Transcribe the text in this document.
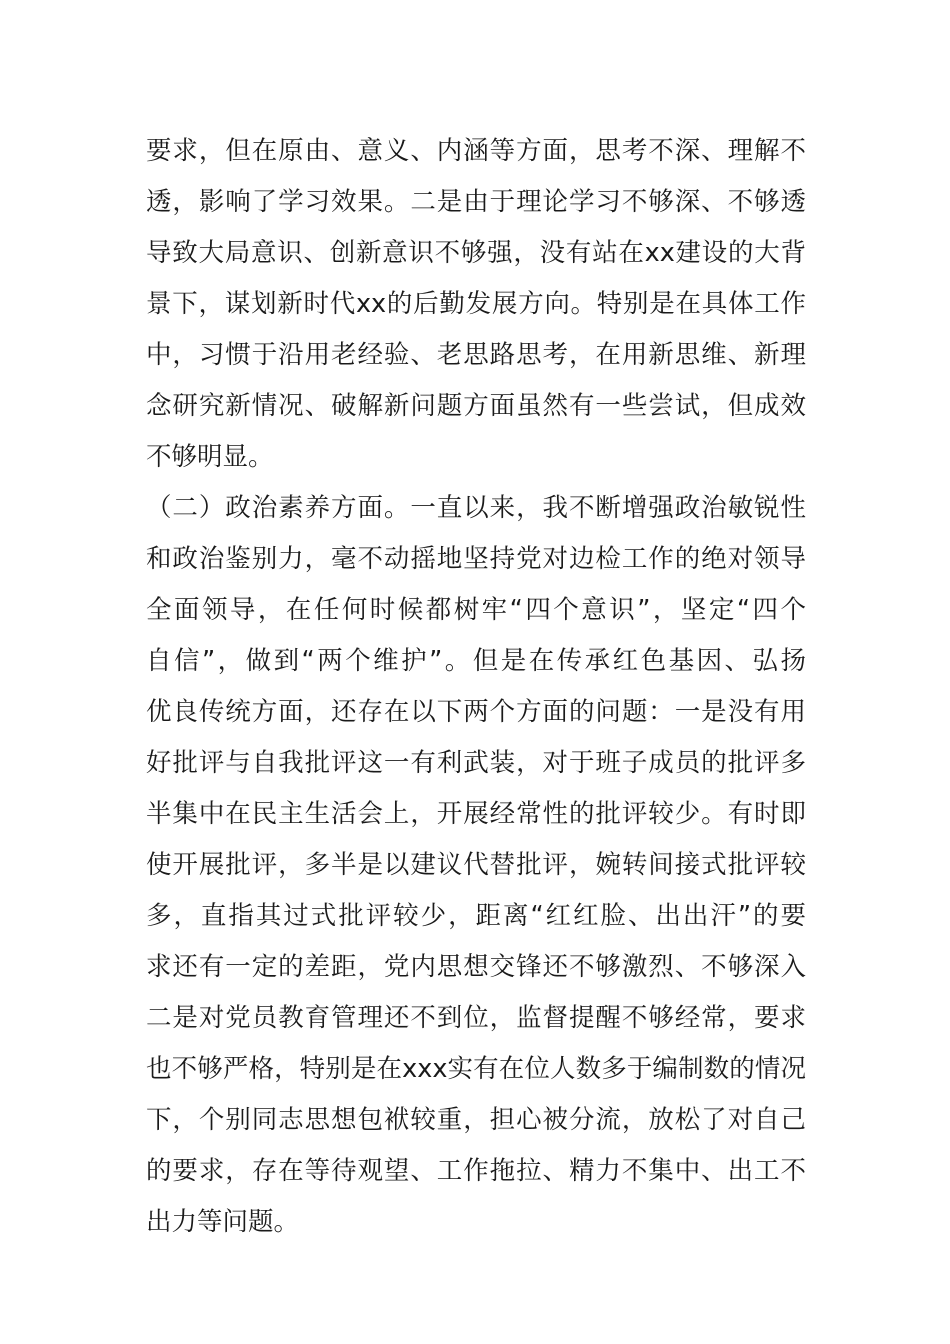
要求，但在原由、意义、内涵等方面，思考不深、理解不
透，影响了学习效果。二是由于理论学习不够深、不够透
导致大局意识、创新意识不够强，没有站在xx建设的大背
景下，谋划新时代xx的后勤发展方向。特别是在具体工作
中，习惯于沿用老经验、老思路思考，在用新思维、新理
念研究新情况、破解新问题方面虽然有一些尝试，但成效
不够明显。
（二）政治素养方面。一直以来，我不断增强政治敏锐性
和政治鉴别力，毫不动摇地坚持党对边检工作的绝对领导
全面领导，在任何时候都树牢“四个意识”，坚定“四个
自信”，做到“两个维护”。但是在传承红色基因、弘扬
优良传统方面，还存在以下两个方面的问题：一是没有用
好批评与自我批评这一有利武装，对于班子成员的批评多
半集中在民主生活会上，开展经常性的批评较少。有时即
使开展批评，多半是以建议代替批评，婉转间接式批评较
多，直指其过式批评较少，距离“红红脸、出出汗”的要
求还有一定的差距，党内思想交锋还不够激烈、不够深入
二是对党员教育管理还不到位，监督提醒不够经常，要求
也不够严格，特别是在xxx实有在位人数多于编制数的情况
下，个别同志思想包袱较重，担心被分流，放松了对自己
的要求，存在等待观望、工作拖拉、精力不集中、出工不
出力等问题。
